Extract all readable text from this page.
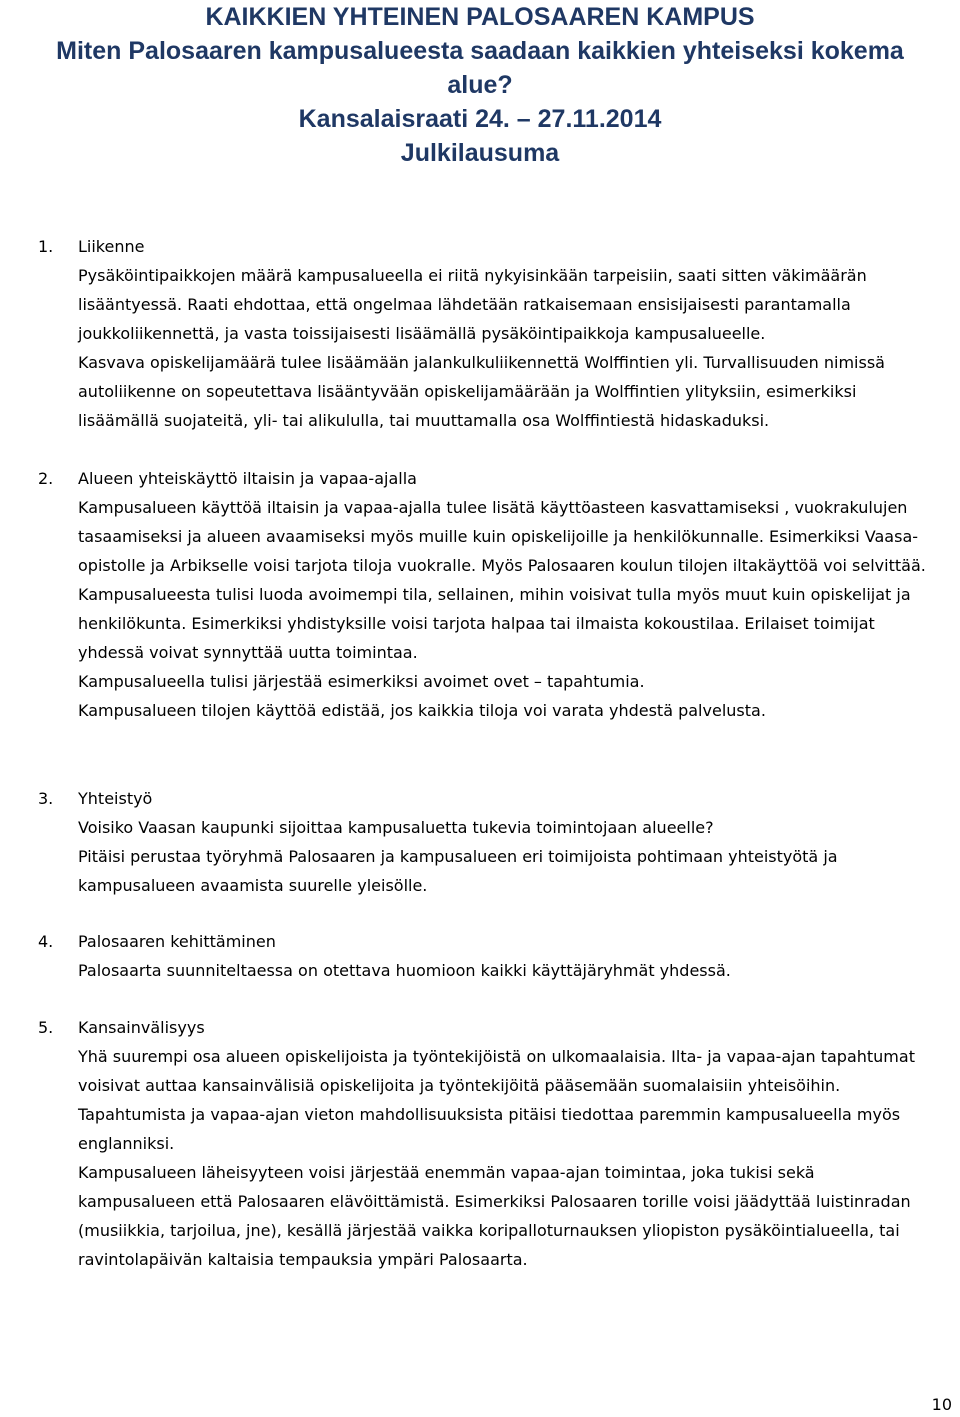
KAIKKIEN YHTEINEN PALOSAAREN KAMPUS

Miten Palosaaren kampusalueesta saadaan kaikkien yhteiseksi kokema

alue?

Kansalaisraati 24. – 27.11.2014

Julkilausuma

1. Liikenne

Pysäköintipaikkojen määrä kampusalueella ei riitä nykyisinkään tarpeisiin, saati sitten väkimäärän lisääntyessä. Raati ehdottaa, että ongelmaa lähdetään ratkaisemaan ensisijaisesti parantamalla joukkoliikennettä, ja vasta toissijaisesti lisäämällä pysäköintipaikkoja kampusalueelle.

Kasvava opiskelijamäärä tulee lisäämään jalankulkuliikennettä Wolffintien yli. Turvallisuuden nimissä autoliikenne on sopeutettava lisääntyvään opiskelijamäärään ja Wolffintien ylityksiin, esimerkiksi lisäämällä suojateitä, yli- tai alikululla, tai muuttamalla osa Wolffintiestä hidaskaduksi.

2. Alueen yhteiskäyttö iltaisin ja vapaa-ajalla

Kampusalueen käyttöä iltaisin ja vapaa-ajalla tulee lisätä käyttöasteen kasvattamiseksi , vuokrakulujen tasaamiseksi ja alueen avaamiseksi myös muille kuin opiskelijoille ja henkilökunnalle. Esimerkiksi Vaasa-opistolle ja Arbikselle voisi tarjota tiloja vuokralle. Myös Palosaaren koulun tilojen iltakäyttöä voi selvittää.

Kampusalueesta tulisi luoda avoimempi tila, sellainen, mihin voisivat tulla myös muut kuin opiskelijat ja henkilökunta. Esimerkiksi yhdistyksille voisi tarjota halpaa tai ilmaista kokoustilaa. Erilaiset toimijat yhdessä voivat synnyttää uutta toimintaa.

Kampusalueella tulisi järjestää esimerkiksi avoimet ovet – tapahtumia.

Kampusalueen tilojen käyttöä edistää, jos kaikkia tiloja voi varata yhdestä palvelusta.

3. Yhteistyö

Voisiko Vaasan kaupunki sijoittaa kampusaluetta tukevia toimintojaan alueelle?

Pitäisi perustaa työryhmä Palosaaren ja kampusalueen eri toimijoista pohtimaan yhteistyötä ja kampusalueen avaamista suurelle yleisölle.

4. Palosaaren kehittäminen

Palosaarta suunniteltaessa on otettava huomioon kaikki käyttäjäryhmät yhdessä.

5. Kansainvälisyys

Yhä suurempi osa alueen opiskelijoista ja työntekijöistä on ulkomaalaisia. Ilta- ja vapaa-ajan tapahtumat voisivat auttaa kansainvälisiä opiskelijoita ja työntekijöitä pääsemään suomalaisiin yhteisöihin. Tapahtumista ja vapaa-ajan vieton mahdollisuuksista pitäisi tiedottaa paremmin kampusalueella myös englanniksi.

Kampusalueen läheisyyteen voisi järjestää enemmän vapaa-ajan toimintaa, joka tukisi sekä kampusalueen että Palosaaren elävöittämistä. Esimerkiksi Palosaaren torille voisi jäädyttää luistinradan (musiikkia, tarjoilua, jne), kesällä järjestää vaikka koripalloturnauksen yliopiston pysäköintialueella, tai ravintolapäivän kaltaisia tempauksia ympäri Palosaarta.

10
